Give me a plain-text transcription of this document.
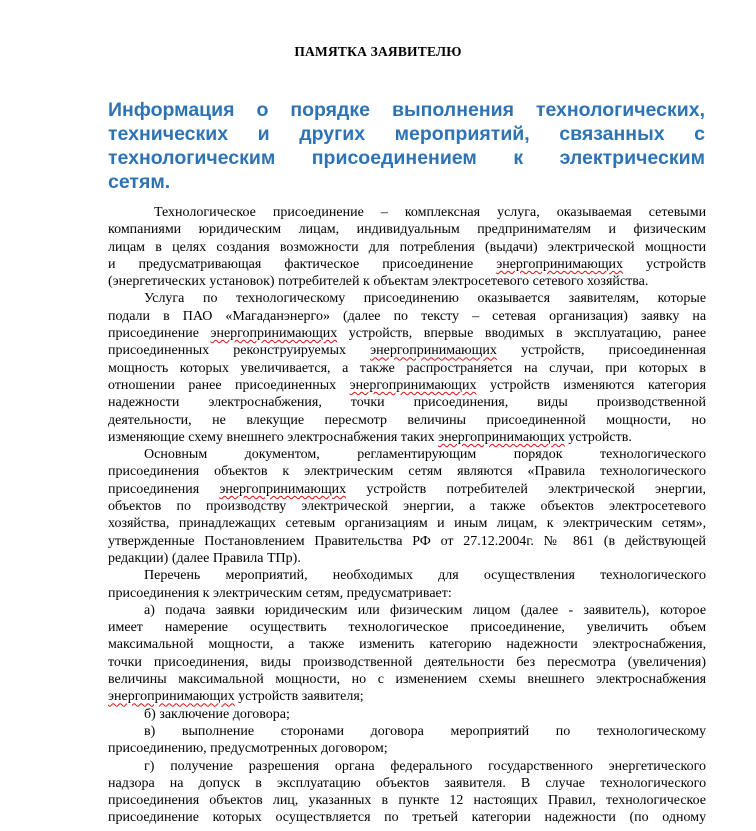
ПАМЯТКА ЗАЯВИТЕЛЮ
Информация о порядке выполнения технологических,
технических и других мероприятий, связанных с
технологическим присоединением к электрическим
сетям.
Технологическое присоединение – комплексная услуга, оказываемая сетевыми
компаниями юридическим лицам, индивидуальным предпринимателям и физическим
лицам в целях создания возможности для потребления (выдачи) электрической мощности
и предусматривающая фактическое присоединение энергопринимающих устройств
(энергетических установок) потребителей к объектам электросетевого сетевого хозяйства.
Услуга по технологическому присоединению оказывается заявителям, которые
подали в ПАО «Магаданэнерго» (далее по тексту – сетевая организация) заявку на
присоединение энергопринимающих устройств, впервые вводимых в эксплуатацию, ранее
присоединенных реконструируемых энергопринимающих устройств, присоединенная
мощность которых увеличивается, а также распространяется на случаи, при которых в
отношении ранее присоединенных энергопринимающих устройств изменяются категория
надежности электроснабжения, точки присоединения, виды производственной
деятельности, не влекущие пересмотр величины присоединенной мощности, но
изменяющие схему внешнего электроснабжения таких энергопринимающих устройств.
Основным	документом,	регламентирующим	порядок	технологического
присоединения объектов к электрическим сетям являются «Правила технологического
присоединения энергопринимающих устройств потребителей электрической энергии,
объектов по производству электрической энергии, а также объектов электросетевого
хозяйства, принадлежащих сетевым организациям и иным лицам, к электрическим сетям»,
утвержденные Постановлением Правительства РФ от 27.12.2004г. № 861 (в действующей
редакции) (далее Правила ТПр).
Перечень мероприятий, необходимых для осуществления технологического
присоединения к электрическим сетям, предусматривает:
а) подача заявки юридическим или физическим лицом (далее - заявитель), которое
имеет намерение осуществить технологическое присоединение, увеличить объем
максимальной мощности, а также изменить категорию надежности электроснабжения,
точки присоединения, виды производственной деятельности без пересмотра (увеличения)
величины максимальной мощности, но с изменением схемы внешнего электроснабжения
энергопринимающих устройств заявителя;
б) заключение договора;
в) выполнение сторонами договора мероприятий по технологическому
присоединению, предусмотренных договором;
г) получение разрешения органа федерального государственного энергетического
надзора на допуск в эксплуатацию объектов заявителя. В случае технологического
присоединения объектов лиц, указанных в пункте 12 настоящих Правил, технологическое
присоединение которых осуществляется по третьей категории надежности (по одному
